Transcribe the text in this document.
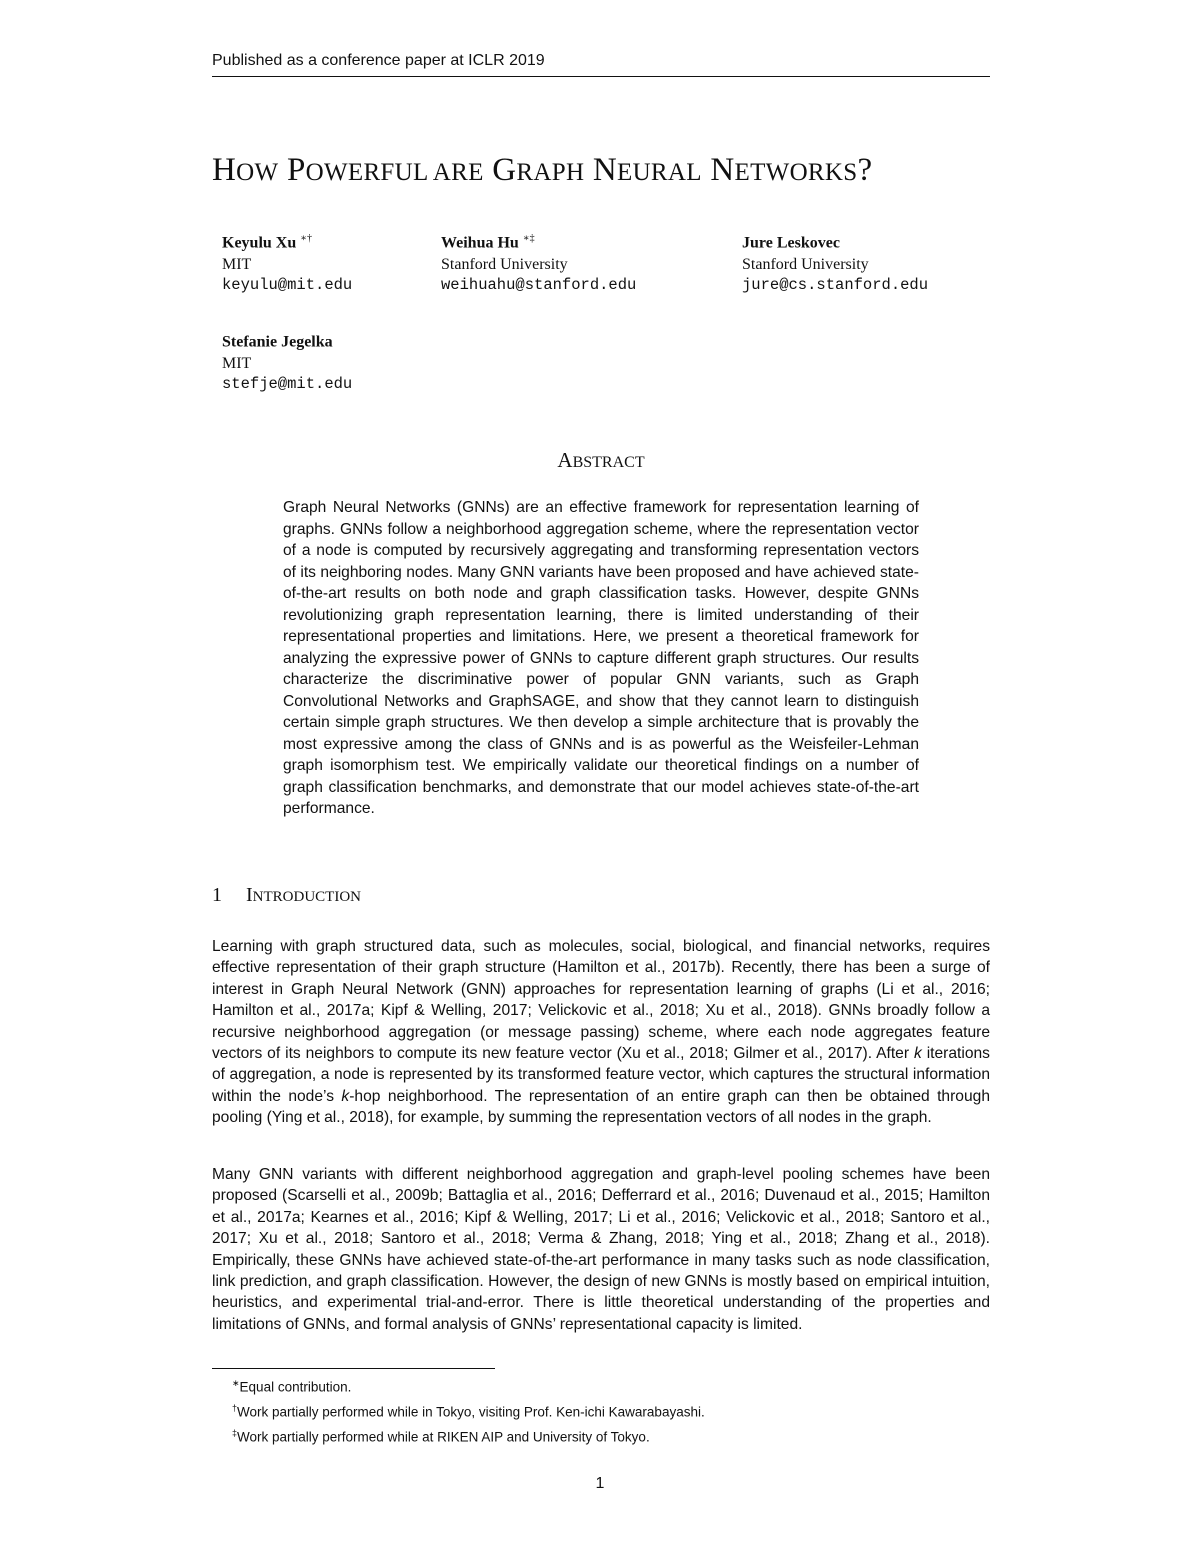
Published as a conference paper at ICLR 2019
HOW POWERFUL ARE GRAPH NEURAL NETWORKS?
Keyulu Xu ∗†
MIT
keyulu@mit.edu
Weihua Hu ∗‡
Stanford University
weihuahu@stanford.edu
Jure Leskovec
Stanford University
jure@cs.stanford.edu
Stefanie Jegelka
MIT
stefje@mit.edu
ABSTRACT

Graph Neural Networks (GNNs) are an effective framework for representation learning of graphs. GNNs follow a neighborhood aggregation scheme, where the representation vector of a node is computed by recursively aggregating and transforming representation vectors of its neighboring nodes. Many GNN variants have been proposed and have achieved state-of-the-art results on both node and graph classification tasks. However, despite GNNs revolutionizing graph representation learning, there is limited understanding of their representational properties and limitations. Here, we present a theoretical framework for analyzing the expressive power of GNNs to capture different graph structures. Our results characterize the discriminative power of popular GNN variants, such as Graph Convolutional Networks and GraphSAGE, and show that they cannot learn to distinguish certain simple graph structures. We then develop a simple architecture that is provably the most expressive among the class of GNNs and is as powerful as the Weisfeiler-Lehman graph isomorphism test. We empirically validate our theoretical findings on a number of graph classification benchmarks, and demonstrate that our model achieves state-of-the-art performance.

1 INTRODUCTION

Learning with graph structured data, such as molecules, social, biological, and financial networks, requires effective representation of their graph structure (Hamilton et al., 2017b). Recently, there has been a surge of interest in Graph Neural Network (GNN) approaches for representation learning of graphs (Li et al., 2016; Hamilton et al., 2017a; Kipf & Welling, 2017; Velickovic et al., 2018; Xu et al., 2018). GNNs broadly follow a recursive neighborhood aggregation (or message passing) scheme, where each node aggregates feature vectors of its neighbors to compute its new feature vector (Xu et al., 2018; Gilmer et al., 2017). After k iterations of aggregation, a node is represented by its transformed feature vector, which captures the structural information within the node’s k-hop neighborhood. The representation of an entire graph can then be obtained through pooling (Ying et al., 2018), for example, by summing the representation vectors of all nodes in the graph.

Many GNN variants with different neighborhood aggregation and graph-level pooling schemes have been proposed (Scarselli et al., 2009b; Battaglia et al., 2016; Defferrard et al., 2016; Duvenaud et al., 2015; Hamilton et al., 2017a; Kearnes et al., 2016; Kipf & Welling, 2017; Li et al., 2016; Velickovic et al., 2018; Santoro et al., 2017; Xu et al., 2018; Santoro et al., 2018; Verma & Zhang, 2018; Ying et al., 2018; Zhang et al., 2018). Empirically, these GNNs have achieved state-of-the-art performance in many tasks such as node classification, link prediction, and graph classification. However, the design of new GNNs is mostly based on empirical intuition, heuristics, and experimental trial-and-error. There is little theoretical understanding of the properties and limitations of GNNs, and formal analysis of GNNs’ representational capacity is limited.

∗Equal contribution.
†Work partially performed while in Tokyo, visiting Prof. Ken-ichi Kawarabayashi.
‡Work partially performed while at RIKEN AIP and University of Tokyo.
1
